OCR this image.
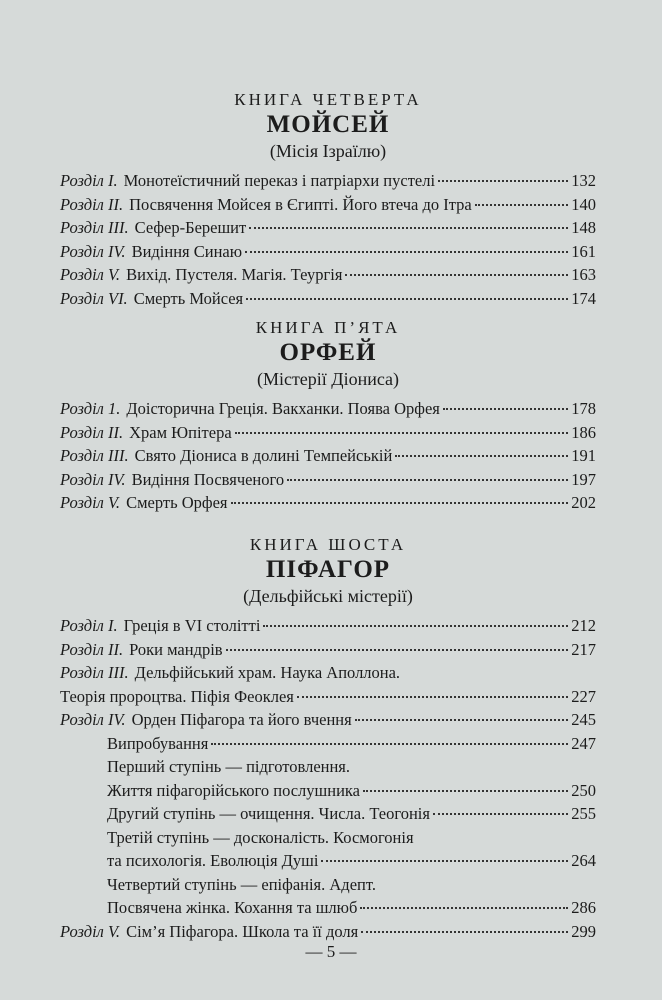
КНИГА ЧЕТВЕРТА
МОЙСЕЙ
(Місія Ізраїлю)
Розділ I. Монотеїстичний переказ і патріархи пустелі	132
Розділ II. Посвячення Мойсея в Єгипті. Його втеча до Ітра	140
Розділ III. Сефер-Берешит	148
Розділ IV. Видіння Синаю	161
Розділ V. Вихід. Пустеля. Магія. Теургія	163
Розділ VI. Смерть Мойсея	174
КНИГА П’ЯТА
ОРФЕЙ
(Містерії Діониса)
Розділ 1. Доісторична Греція. Вакханки. Поява Орфея	178
Розділ II. Храм Юпітера	186
Розділ III. Свято Діониса в долині Темпейській	191
Розділ IV. Видіння Посвяченого	197
Розділ V. Смерть Орфея	202
КНИГА ШОСТА
ПІФАГОР
(Дельфійські містерії)
Розділ I. Греція в VI столітті	212
Розділ II. Роки мандрів	217
Розділ III. Дельфійський храм. Наука Аполлона.
Теорія пророцтва. Піфія Феоклея	227
Розділ IV. Орден Піфагора та його вчення	245
Випробування	247
Перший ступінь — підготовлення.
Життя піфагорійського послушника	250
Другий ступінь — очищення. Числа. Теогонія	255
Третій ступінь — досконалість. Космогонія
та психологія. Еволюція Душі	264
Четвертий ступінь — епіфанія. Адепт.
Посвячена жінка. Кохання та шлюб	286
Розділ V. Сім’я Піфагора. Школа та її доля	299
— 5 —
